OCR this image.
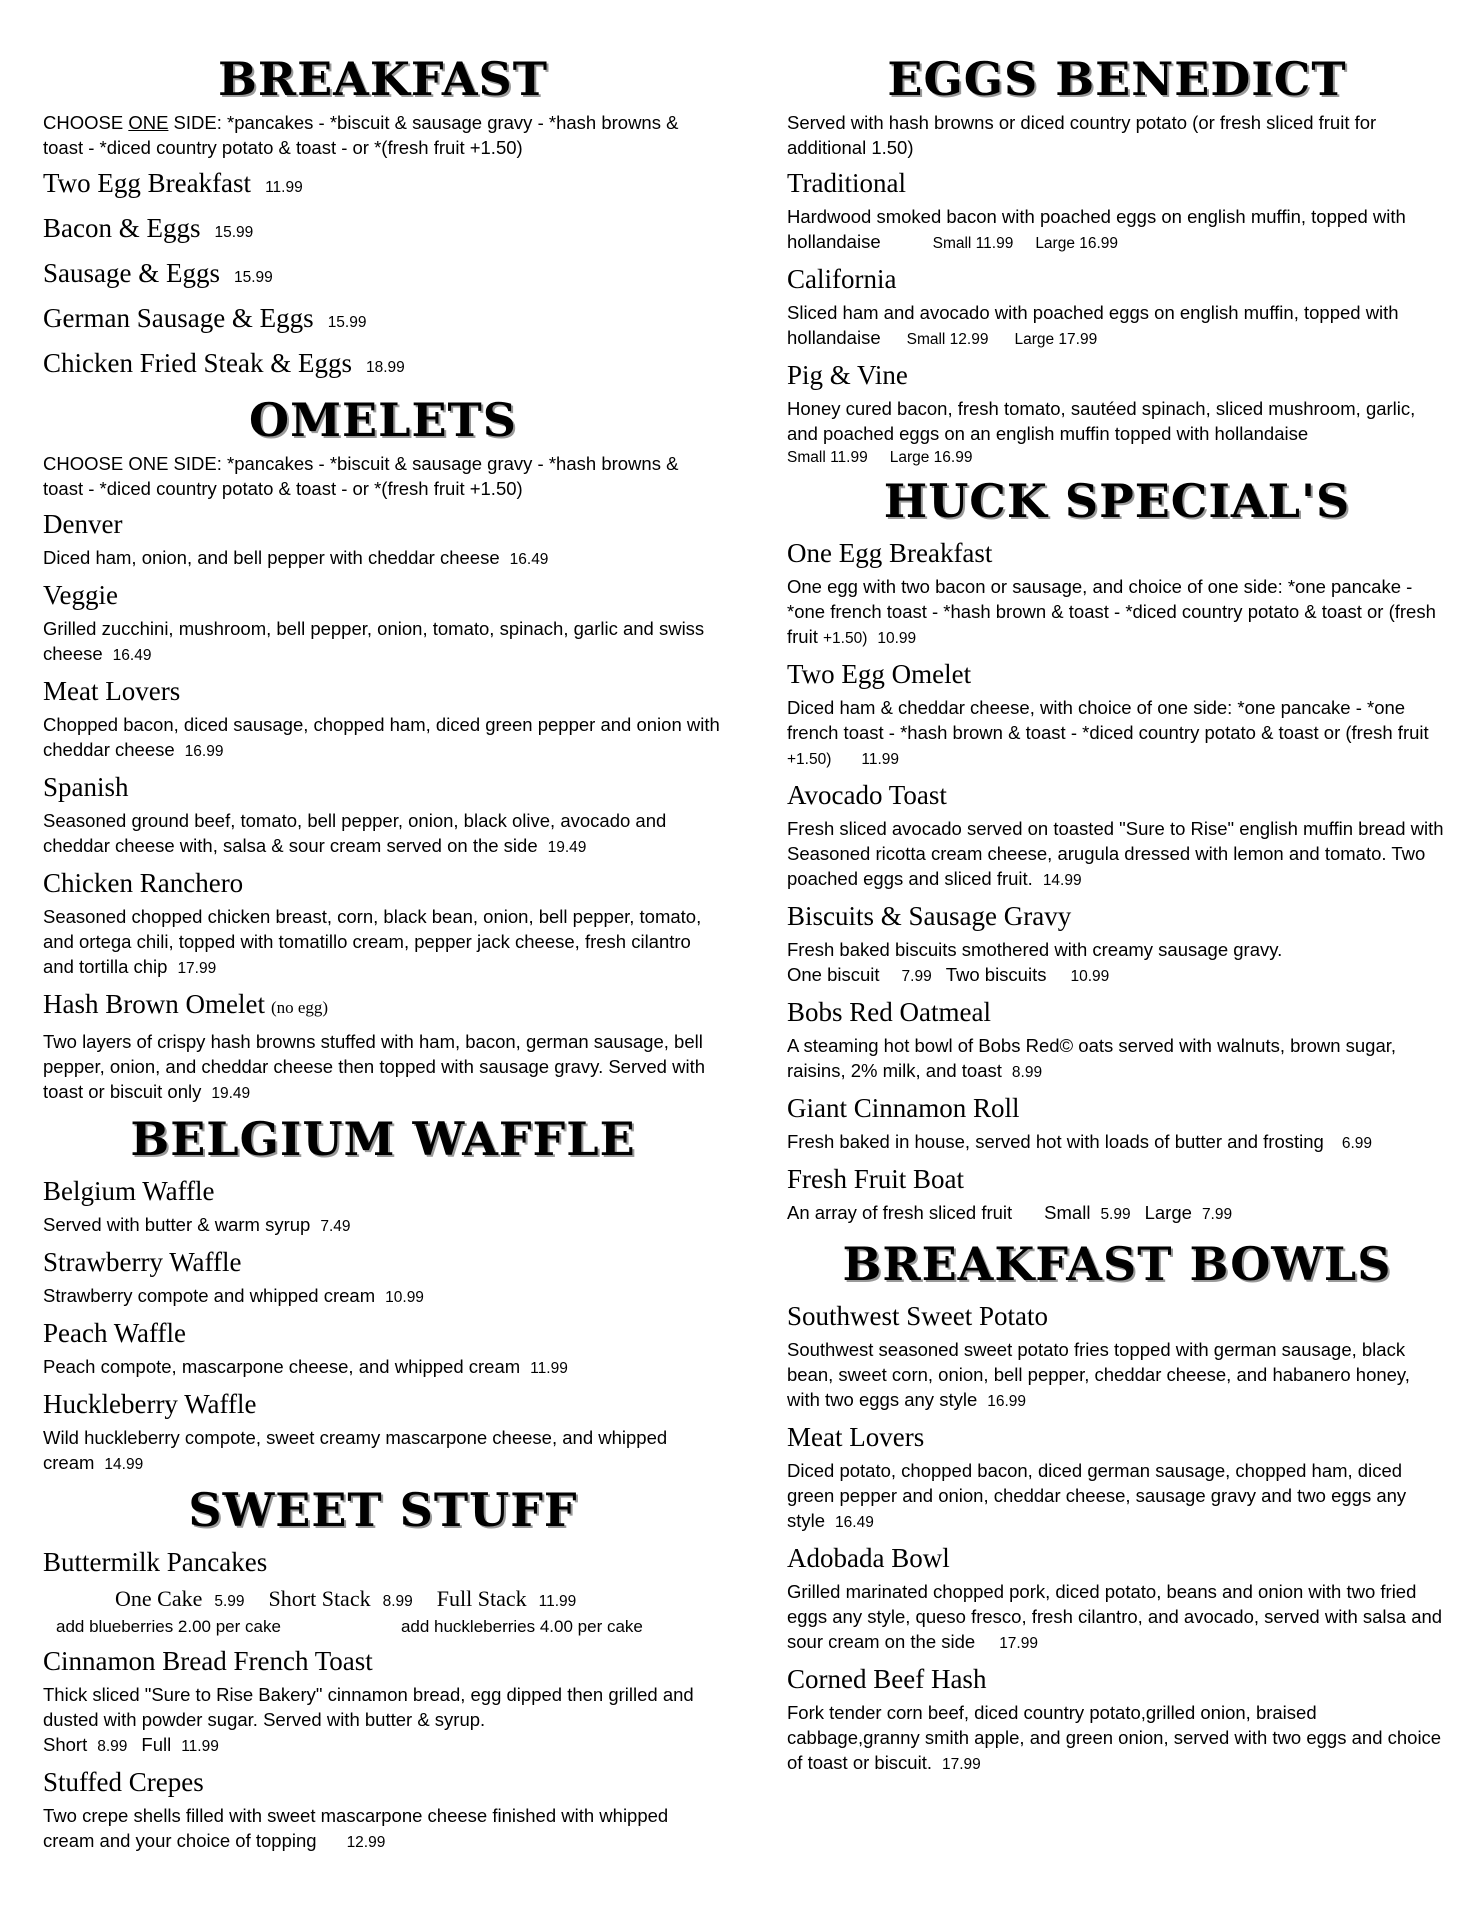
BREAKFAST

CHOOSE ONE SIDE: *pancakes - *biscuit & sausage gravy - *hash browns & toast - *diced country potato & toast - or *(fresh fruit +1.50)

Two Egg Breakfast 11.99

Bacon & Eggs 15.99

Sausage & Eggs 15.99

German Sausage & Eggs 15.99

Chicken Fried Steak & Eggs 18.99

OMELETS

CHOOSE ONE SIDE: *pancakes - *biscuit & sausage gravy - *hash browns & toast - *diced country potato & toast - or *(fresh fruit +1.50)

Denver

Diced ham, onion, and bell pepper with cheddar cheese 16.49

Veggie

Grilled zucchini, mushroom, bell pepper, onion, tomato, spinach, garlic and swiss cheese 16.49

Meat Lovers

Chopped bacon, diced sausage, chopped ham, diced green pepper and onion with cheddar cheese 16.99

Spanish

Seasoned ground beef, tomato, bell pepper, onion, black olive, avocado and cheddar cheese with, salsa & sour cream served on the side 19.49

Chicken Ranchero

Seasoned chopped chicken breast, corn, black bean, onion, bell pepper, tomato, and ortega chili, topped with tomatillo cream, pepper jack cheese, fresh cilantro and tortilla chip 17.99

Hash Brown Omelet (no egg)

Two layers of crispy hash browns stuffed with ham, bacon, german sausage, bell pepper, onion, and cheddar cheese then topped with sausage gravy. Served with toast or biscuit only 19.49

BELGIUM WAFFLE

Belgium Waffle

Served with butter & warm syrup 7.49

Strawberry Waffle

Strawberry compote and whipped cream 10.99

Peach Waffle

Peach compote, mascarpone cheese, and whipped cream 11.99

Huckleberry Waffle

Wild huckleberry compote, sweet creamy mascarpone cheese, and whipped cream 14.99

SWEET STUFF

Buttermilk Pancakes

One Cake 5.99 Short Stack 8.99 Full Stack 11.99

add blueberries 2.00 per cake	add huckleberries 4.00 per cake

Cinnamon Bread French Toast

Thick sliced "Sure to Rise Bakery" cinnamon bread, egg dipped then grilled and dusted with powder sugar. Served with butter & syrup.

Short 8.99 Full 11.99

Stuffed Crepes

Two crepe shells filled with sweet mascarpone cheese finished with whipped cream and your choice of topping 12.99

EGGS BENEDICT

Served with hash browns or diced country potato (or fresh sliced fruit for additional 1.50)

Traditional

Hardwood smoked bacon with poached eggs on english muffin, topped with hollandaise	Small 11.99 Large 16.99

California

Sliced ham and avocado with poached eggs on english muffin, topped with hollandaise Small 12.99 Large 17.99

Pig & Vine

Honey cured bacon, fresh tomato, sautéed spinach, sliced mushroom, garlic, and poached eggs on an english muffin topped with hollandaise

Small 11.99 Large 16.99

HUCK SPECIAL'S

One Egg Breakfast

One egg with two bacon or sausage, and choice of one side: *one pancake - *one french toast - *hash brown & toast - *diced country potato & toast or (fresh fruit +1.50) 10.99

Two Egg Omelet

Diced ham & cheddar cheese, with choice of one side: *one pancake - *one french toast - *hash brown & toast - *diced country potato & toast or (fresh fruit +1.50) 11.99

Avocado Toast

Fresh sliced avocado served on toasted "Sure to Rise" english muffin bread with Seasoned ricotta cream cheese, arugula dressed with lemon and tomato. Two poached eggs and sliced fruit. 14.99

Biscuits & Sausage Gravy

Fresh baked biscuits smothered with creamy sausage gravy.

One biscuit 7.99 Two biscuits 10.99

Bobs Red Oatmeal

A steaming hot bowl of Bobs Red© oats served with walnuts, brown sugar, raisins, 2% milk, and toast 8.99

Giant Cinnamon Roll

Fresh baked in house, served hot with loads of butter and frosting 6.99

Fresh Fruit Boat

An array of fresh sliced fruit Small 5.99 Large 7.99

BREAKFAST BOWLS

Southwest Sweet Potato

Southwest seasoned sweet potato fries topped with german sausage, black bean, sweet corn, onion, bell pepper, cheddar cheese, and habanero honey, with two eggs any style 16.99

Meat Lovers

Diced potato, chopped bacon, diced german sausage, chopped ham, diced green pepper and onion, cheddar cheese, sausage gravy and two eggs any style 16.49

Adobada Bowl

Grilled marinated chopped pork, diced potato, beans and onion with two fried eggs any style, queso fresco, fresh cilantro, and avocado, served with salsa and sour cream on the side 17.99

Corned Beef Hash

Fork tender corn beef, diced country potato,grilled onion, braised cabbage,granny smith apple, and green onion, served with two eggs and choice of toast or biscuit. 17.99
